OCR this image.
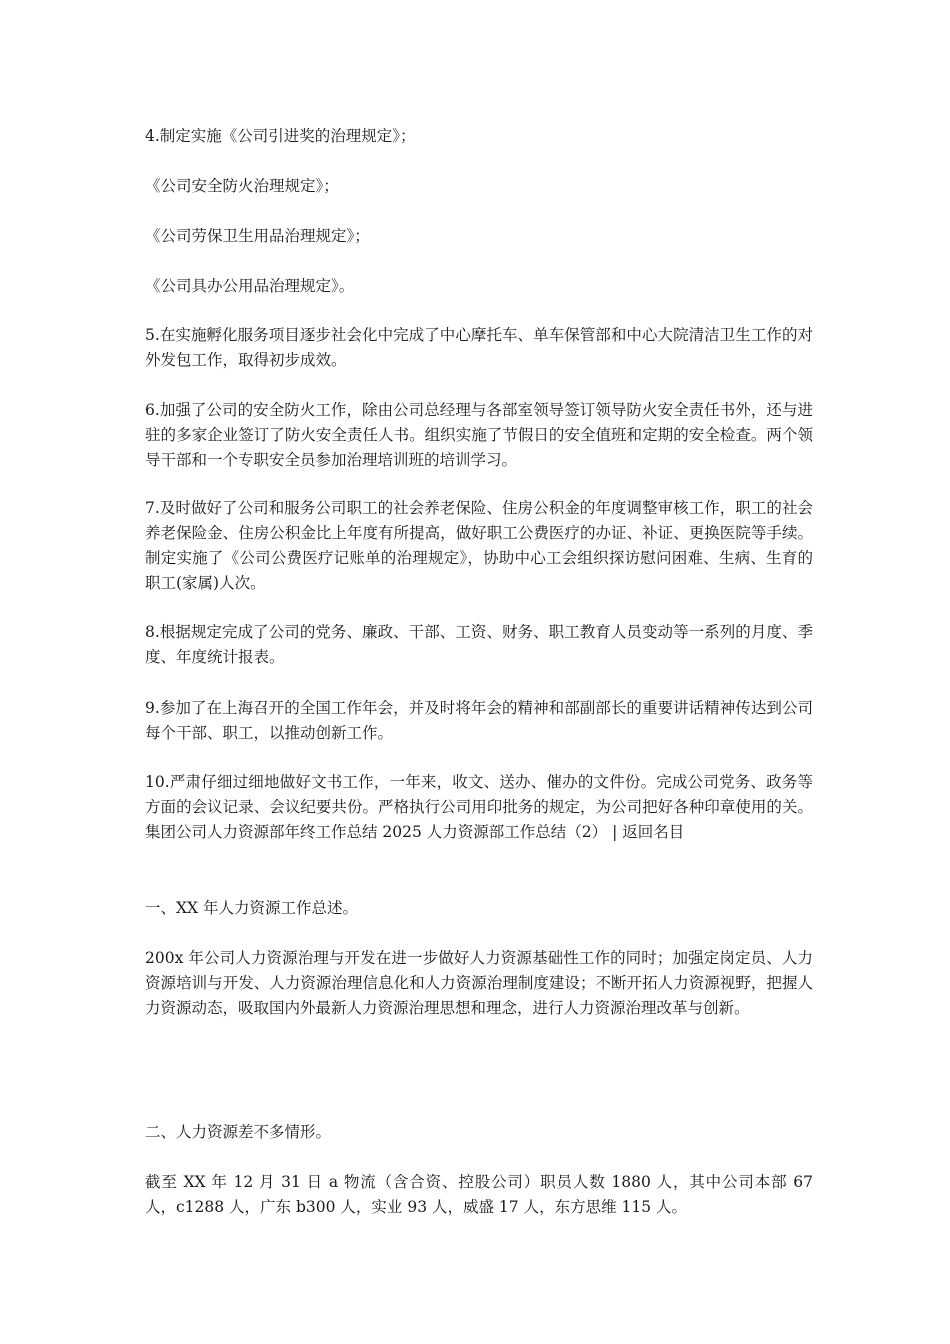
4.制定实施《公司引进奖的治理规定》；

《公司安全防火治理规定》；

《公司劳保卫生用品治理规定》；

《公司具办公用品治理规定》。

5.在实施孵化服务项目逐步社会化中完成了中心摩托车、单车保管部和中心大院清洁卫生工作的对外发包工作，取得初步成效。

6.加强了公司的安全防火工作，除由公司总经理与各部室领导签订领导防火安全责任书外，还与进驻的多家企业签订了防火安全责任人书。组织实施了节假日的安全值班和定期的安全检查。两个领导干部和一个专职安全员参加治理培训班的培训学习。

7.及时做好了公司和服务公司职工的社会养老保险、住房公积金的年度调整审核工作，职工的社会养老保险金、住房公积金比上年度有所提高，做好职工公费医疗的办证、补证、更换医院等手续。制定实施了《公司公费医疗记账单的治理规定》，协助中心工会组织探访慰问困难、生病、生育的职工(家属)人次。

8.根据规定完成了公司的党务、廉政、干部、工资、财务、职工教育人员变动等一系列的月度、季度、年度统计报表。

9.参加了在上海召开的全国工作年会，并及时将年会的精神和部副部长的重要讲话精神传达到公司每个干部、职工，以推动创新工作。

10.严肃仔细过细地做好文书工作，一年来，收文、送办、催办的文件份。完成公司党务、政务等方面的会议记录、会议纪要共份。严格执行公司用印批务的规定，为公司把好各种印章使用的关。集团公司人力资源部年终工作总结 2025 人力资源部工作总结（2） | 返回名目

一、XX 年人力资源工作总述。

200x 年公司人力资源治理与开发在进一步做好人力资源基础性工作的同时；加强定岗定员、人力资源培训与开发、人力资源治理信息化和人力资源治理制度建设；不断开拓人力资源视野，把握人力资源动态，吸取国内外最新人力资源治理思想和理念，进行人力资源治理改革与创新。

二、人力资源差不多情形。

截至 XX 年 12 月 31 日 a 物流（含合资、控股公司）职员人数 1880 人，其中公司本部 67 人，c1288 人，广东 b300 人，实业 93 人，威盛 17 人，东方思维 115 人。
